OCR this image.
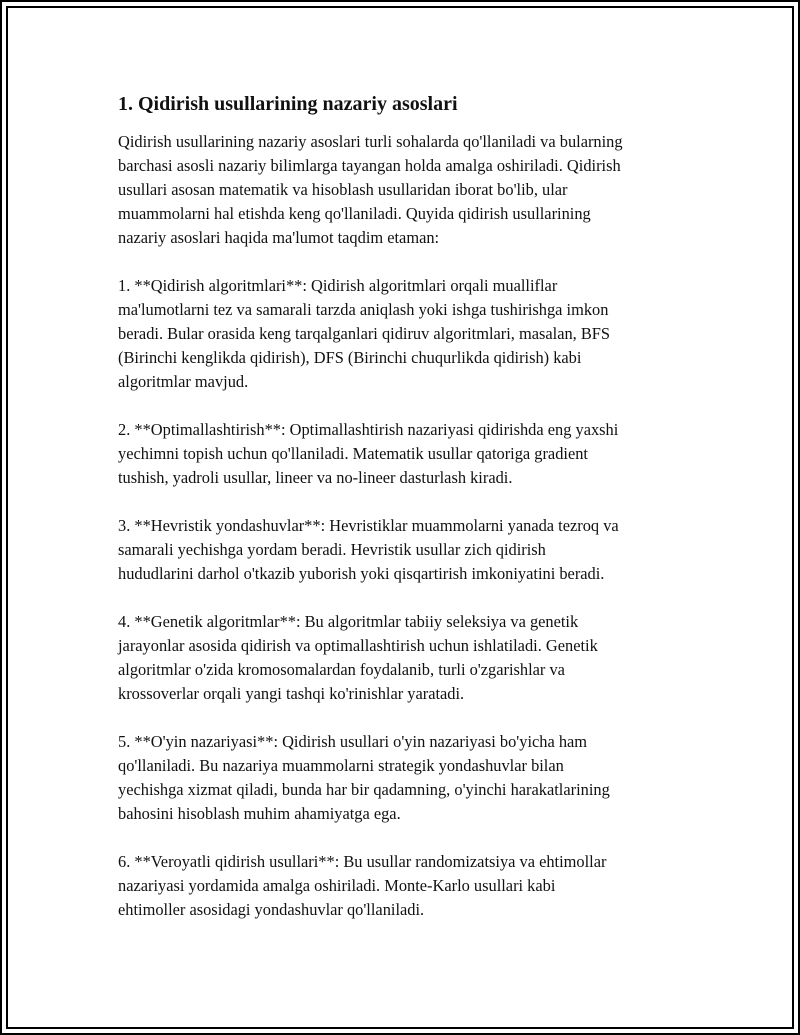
1. Qidirish usullarining nazariy asoslari

Qidirish usullarining nazariy asoslari turli sohalarda qo'llaniladi va bularning
barchasi asosli nazariy bilimlarga tayangan holda amalga oshiriladi. Qidirish
usullari asosan matematik va hisoblash usullaridan iborat bo'lib, ular
muammolarni hal etishda keng qo'llaniladi. Quyida qidirish usullarining
nazariy asoslari haqida ma'lumot taqdim etaman:

1. **Qidirish algoritmlari**: Qidirish algoritmlari orqali mualliflar
ma'lumotlarni tez va samarali tarzda aniqlash yoki ishga tushirishga imkon
beradi. Bular orasida keng tarqalganlari qidiruv algoritmlari, masalan, BFS
(Birinchi kenglikda qidirish), DFS (Birinchi chuqurlikda qidirish) kabi
algoritmlar mavjud.

2. **Optimallashtirish**: Optimallashtirish nazariyasi qidirishda eng yaxshi
yechimni topish uchun qo'llaniladi. Matematik usullar qatoriga gradient
tushish, yadroli usullar, lineer va no-lineer dasturlash kiradi.

3. **Hevristik yondashuvlar**: Hevristiklar muammolarni yanada tezroq va
samarali yechishga yordam beradi. Hevristik usullar zich qidirish
hududlarini darhol o'tkazib yuborish yoki qisqartirish imkoniyatini beradi.

4. **Genetik algoritmlar**: Bu algoritmlar tabiiy seleksiya va genetik
jarayonlar asosida qidirish va optimallashtirish uchun ishlatiladi. Genetik
algoritmlar o'zida kromosomalardan foydalanib, turli o'zgarishlar va
krossoverlar orqali yangi tashqi ko'rinishlar yaratadi.

5. **O'yin nazariyasi**: Qidirish usullari o'yin nazariyasi bo'yicha ham
qo'llaniladi. Bu nazariya muammolarni strategik yondashuvlar bilan
yechishga xizmat qiladi, bunda har bir qadamning, o'yinchi harakatlarining
bahosini hisoblash muhim ahamiyatga ega.

6. **Veroyatli qidirish usullari**: Bu usullar randomizatsiya va ehtimollar
nazariyasi yordamida amalga oshiriladi. Monte-Karlo usullari kabi
ehtimoller asosidagi yondashuvlar qo'llaniladi.
